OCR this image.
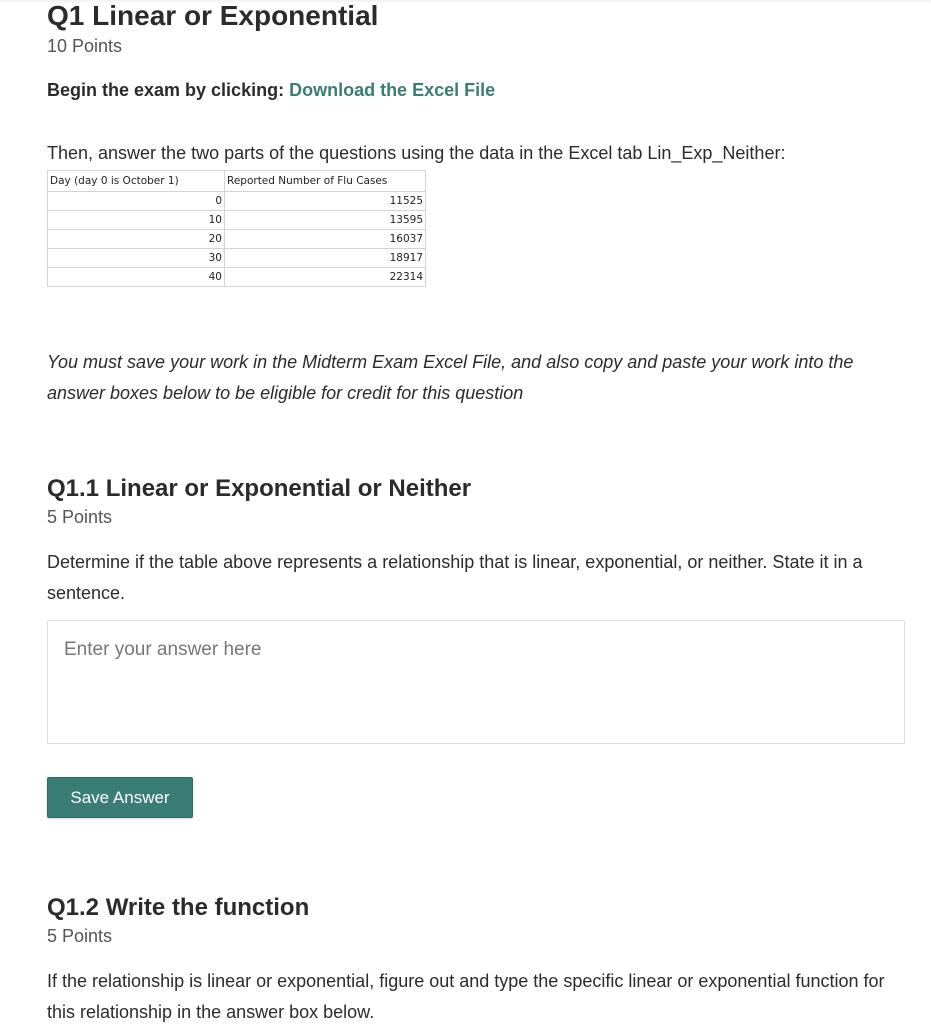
Q1 Linear or Exponential
10 Points

Begin the exam by clicking: Download the Excel File

Then, answer the two parts of the questions using the data in the Excel tab Lin_Exp_Neither:

Day (day 0 is October 1)	Reported Number of Flu Cases
0	11525
10	13595
20	16037
30	18917
40	22314

You must save your work in the Midterm Exam Excel File, and also copy and paste your work into the answer boxes below to be eligible for credit for this question

Q1.1 Linear or Exponential or Neither
5 Points

Determine if the table above represents a relationship that is linear, exponential, or neither. State it in a sentence.

Enter your answer here
Save Answer
Q1.2 Write the function
5 Points

If the relationship is linear or exponential, figure out and type the specific linear or exponential function for this relationship in the answer box below.
